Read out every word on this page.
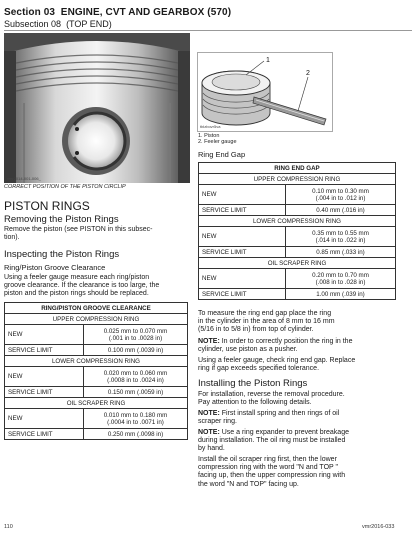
Section 03 ENGINE, CVT AND GEARBOX (570)
Subsection 08 (TOP END)
vmr2014-001-006_
CORRECT POSITION OF THE PISTON CIRCLIP
PISTON RINGS
Removing the Piston Rings

Remove the piston (see PISTON in this subsec-
tion).

Inspecting the Piston Rings
Ring/Piston Groove Clearance

Using a feeler gauge measure each ring/piston
groove clearance. If the clearance is too large, the
piston and the piston rings should be replaced.

RING/PISTON GROOVE CLEARANCE	
UPPER COMPRESSION RING	
NEW	0.025 mm to 0.070 mm
(.001 in to .0028 in)
SERVICE LIMIT	0.100 mm (.0039 in)
LOWER COMPRESSION RING	
NEW	0.020 mm to 0.060 mm
(.0008 in to .0024 in)
SERVICE LIMIT	0.150 mm (.0059 in)
OIL SCRAPER RING	
NEW	0.010 mm to 0.180 mm
(.0004 in to .0071 in)
SERVICE LIMIT	0.250 mm (.0098 in)
1
2
tblzbovr5va
1. Piston
2. Feeler gauge
Ring End Gap
RING END GAP	
UPPER COMPRESSION RING	
NEW	0.10 mm to 0.30 mm
(.004 in to .012 in)
SERVICE LIMIT	0.40 mm (.016 in)
LOWER COMPRESSION RING	
NEW	0.35 mm to 0.55 mm
(.014 in to .022 in)
SERVICE LIMIT	0.85 mm (.033 in)
OIL SCRAPER RING	
NEW	0.20 mm to 0.70 mm
(.008 in to .028 in)
SERVICE LIMIT	1.00 mm (.039 in)

To measure the ring end gap place the ring
in the cylinder in the area of 8 mm to 16 mm
(5/16 in to 5/8 in) from top of cylinder.

NOTE: In order to correctly position the ring in the
cylinder, use piston as a pusher.

Using a feeler gauge, check ring end gap. Replace
ring if gap exceeds specified tolerance.

Installing the Piston Rings

For installation, reverse the removal procedure.
Pay attention to the following details.

NOTE: First install spring and then rings of oil
scraper ring.

NOTE: Use a ring expander to prevent breakage
during installation. The oil ring must be installed
by hand.

Install the oil scraper ring first, then the lower
compression ring with the word "N and TOP "
facing up, then the upper compression ring with
the word "N and TOP" facing up.

110	vmr2016-033
